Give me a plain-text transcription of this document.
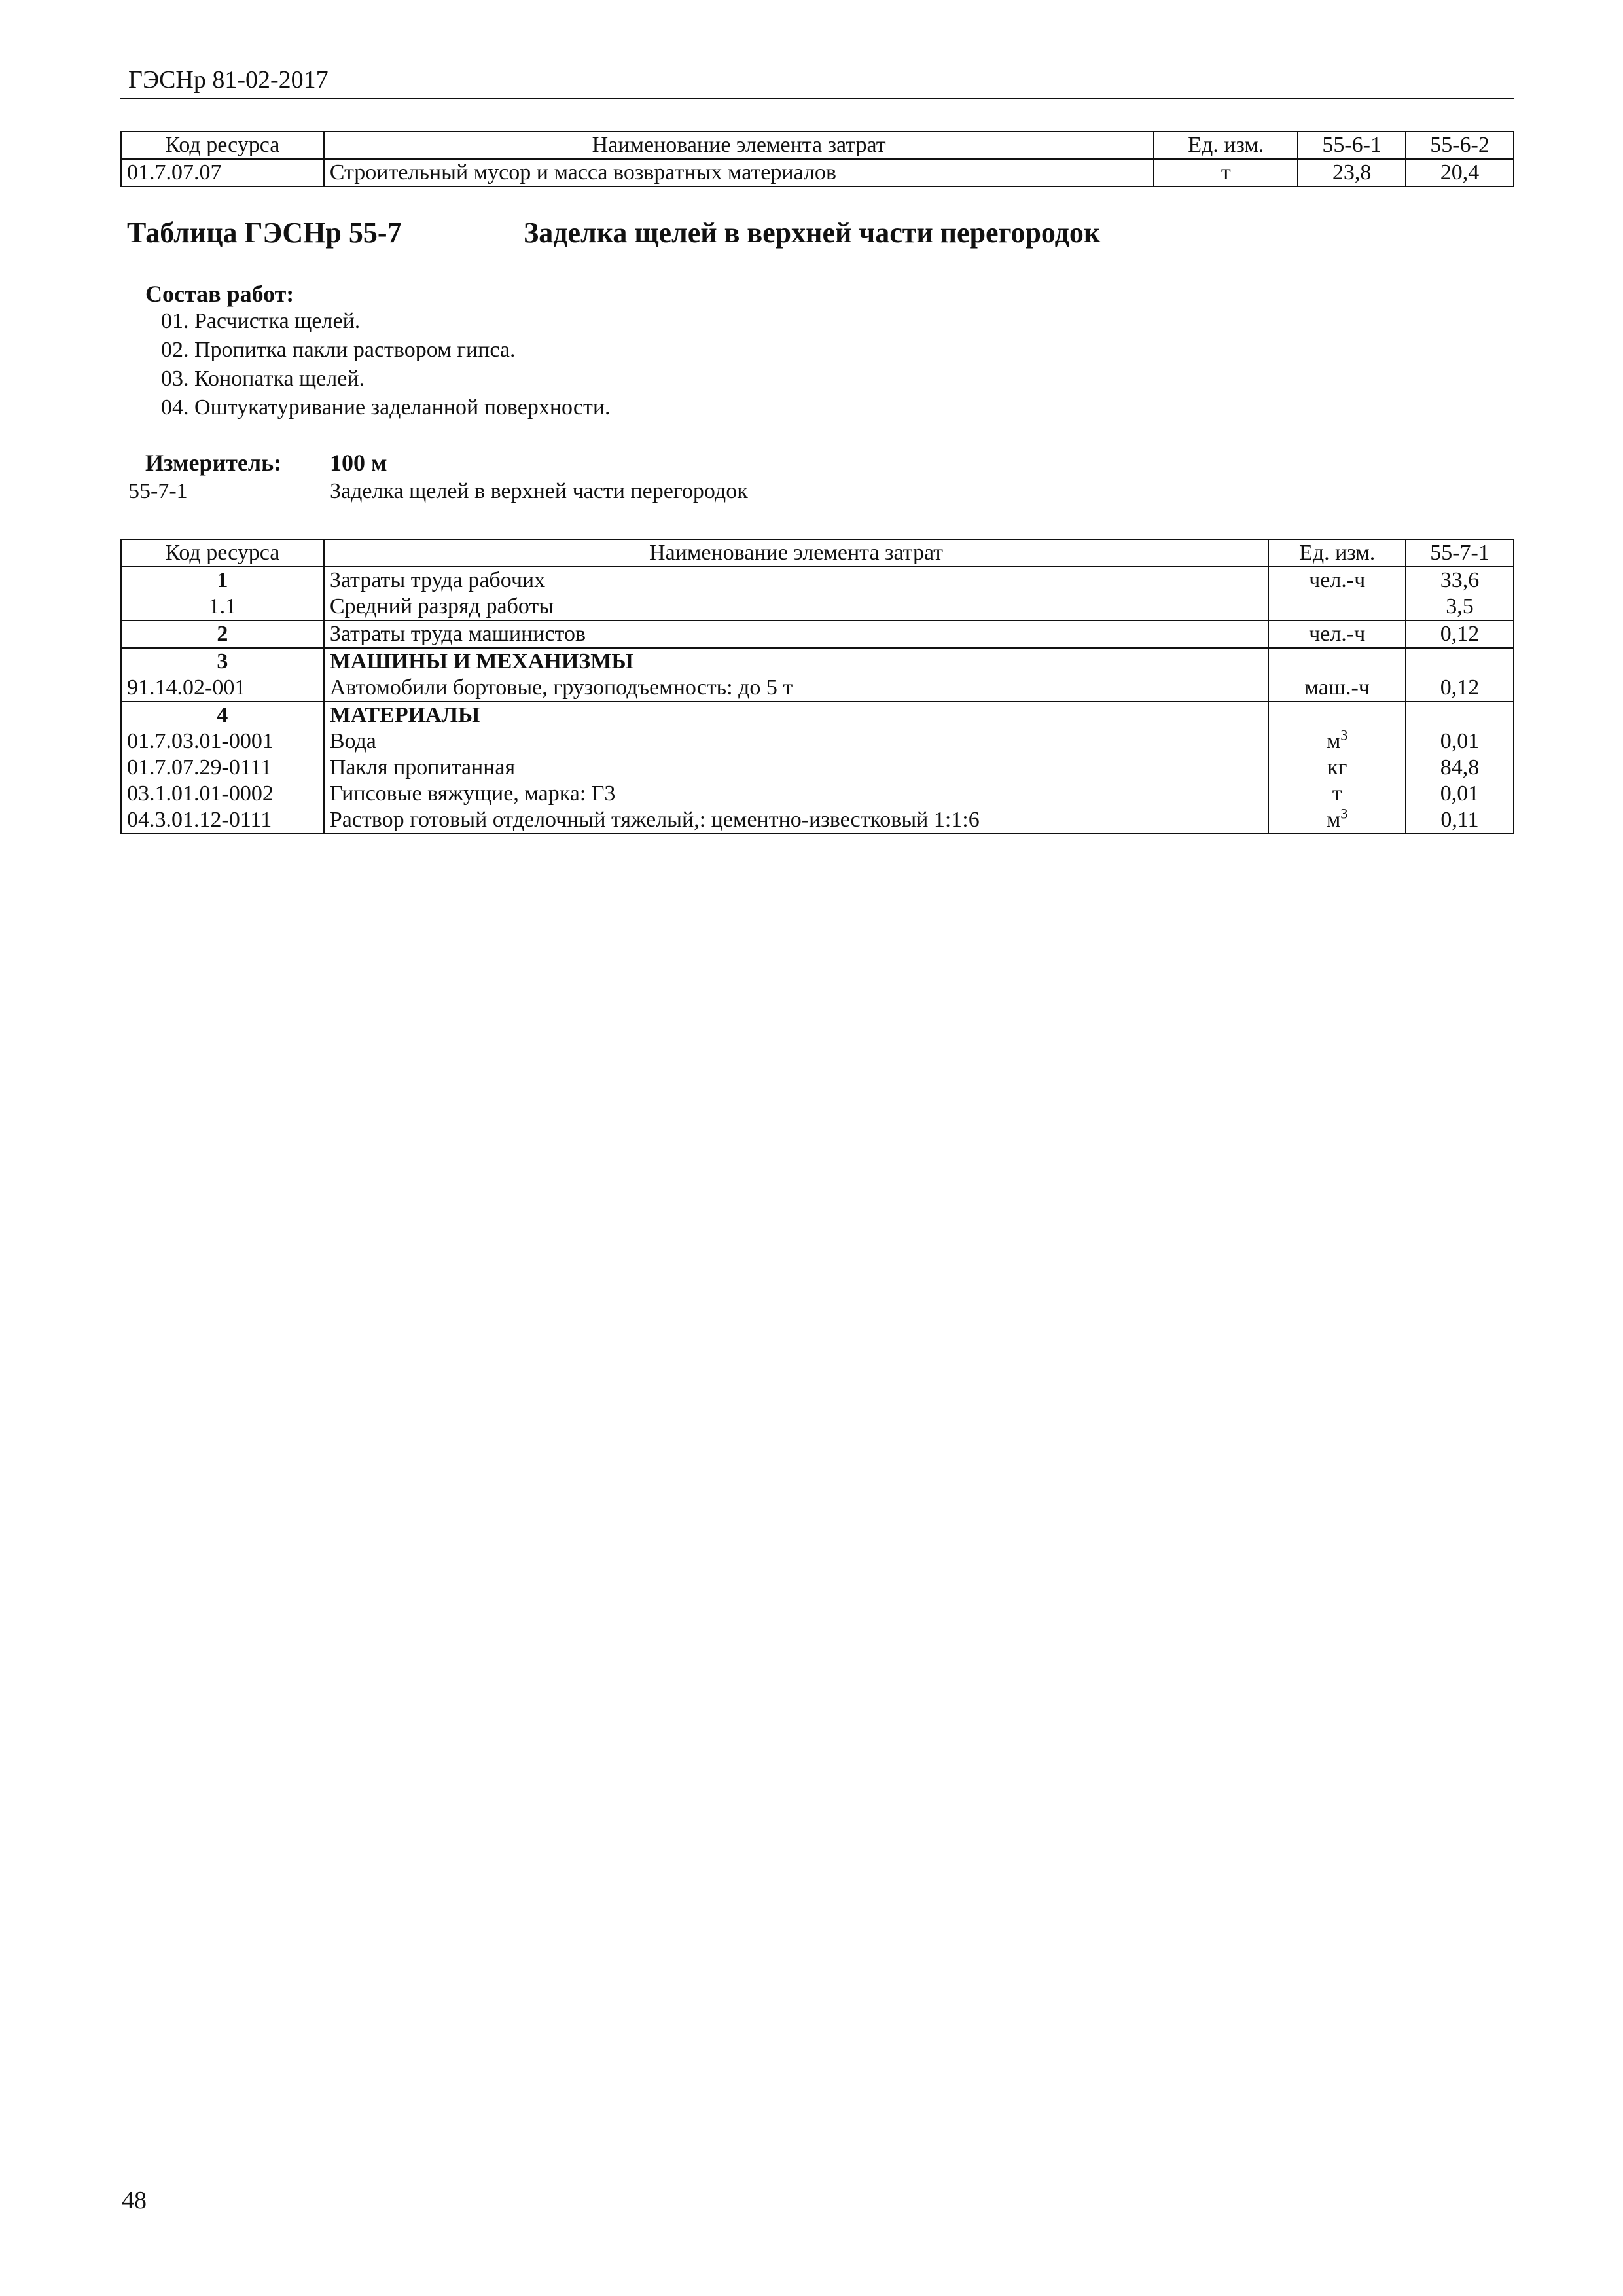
ГЭСНр 81-02-2017
Код ресурса	Наименование элемента затрат	Ед. изм.	55-6-1	55-6-2
01.7.07.07	Строительный мусор и масса возвратных материалов	т	23,8	20,4
Таблица ГЭСНр 55-7	Заделка щелей в верхней части перегородок
Состав работ:
01. Расчистка щелей.
02. Пропитка пакли раствором гипса.
03. Конопатка щелей.
04. Оштукатуривание заделанной поверхности.
Измеритель: 100 м
55-7-1	Заделка щелей в верхней части перегородок
Код ресурса	Наименование элемента затрат	Ед. изм.	55-7-1
1	Затраты труда рабочих	чел.-ч	33,6
1.1	Средний разряд работы		3,5
2	Затраты труда машинистов	чел.-ч	0,12
3	МАШИНЫ И МЕХАНИЗМЫ		
91.14.02-001	Автомобили бортовые, грузоподъемность: до 5 т	маш.-ч	0,12
4	МАТЕРИАЛЫ		
01.7.03.01-0001	Вода	$м^3$	0,01
01.7.07.29-0111	Пакля пропитанная	кг	84,8
03.1.01.01-0002	Гипсовые вяжущие, марка: Г3	т	0,01
04.3.01.12-0111	Раствор готовый отделочный тяжелый,: цементно-известковый 1:1:6	$м^3$	0,11
48
